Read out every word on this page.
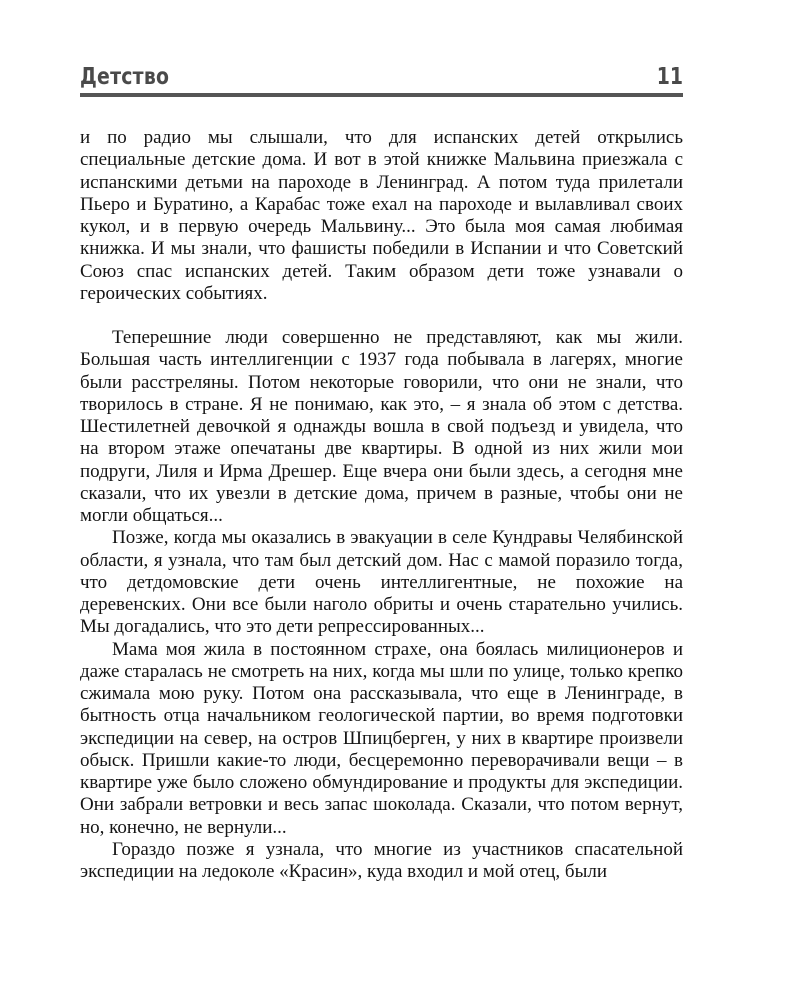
Детство	11

и по радио мы слышали, что для испанских детей открылись специальные детские дома. И вот в этой книжке Мальвина приезжала с испанскими детьми на пароходе в Ленинград. А потом туда прилетали Пьеро и Буратино, а Карабас тоже ехал на пароходе и вылавливал своих кукол, и в первую очередь Мальвину... Это была моя самая любимая книжка. И мы знали, что фашисты победили в Испании и что Советский Союз спас испанских детей. Таким образом дети тоже узнавали о героических событиях.

Теперешние люди совершенно не представляют, как мы жили. Большая часть интеллигенции с 1937 года побывала в лагерях, многие были расстреляны. Потом некоторые говорили, что они не знали, что творилось в стране. Я не понимаю, как это, – я знала об этом с детства. Шестилетней девочкой я однажды вошла в свой подъезд и увидела, что на втором этаже опечатаны две квартиры. В одной из них жили мои подруги, Лиля и Ирма Дрешер. Еще вчера они были здесь, а сегодня мне сказали, что их увезли в детские дома, причем в разные, чтобы они не могли общаться...

Позже, когда мы оказались в эвакуации в селе Кундравы Челябинской области, я узнала, что там был детский дом. Нас с мамой поразило тогда, что детдомовские дети очень интеллигентные, не похожие на деревенских. Они все были наголо обриты и очень старательно учились. Мы догадались, что это дети репрессированных...

Мама моя жила в постоянном страхе, она боялась милиционеров и даже старалась не смотреть на них, когда мы шли по улице, только крепко сжимала мою руку. Потом она рассказывала, что еще в Ленинграде, в бытность отца начальником геологической партии, во время подготовки экспедиции на север, на остров Шпицберген, у них в квартире произвели обыск. Пришли какие-то люди, бесцеремонно переворачивали вещи – в квартире уже было сложено обмундирование и продукты для экспедиции. Они забрали ветровки и весь запас шоколада. Сказали, что потом вернут, но, конечно, не вернули...

Гораздо позже я узнала, что многие из участников спасательной экспедиции на ледоколе «Красин», куда входил и мой отец, были
